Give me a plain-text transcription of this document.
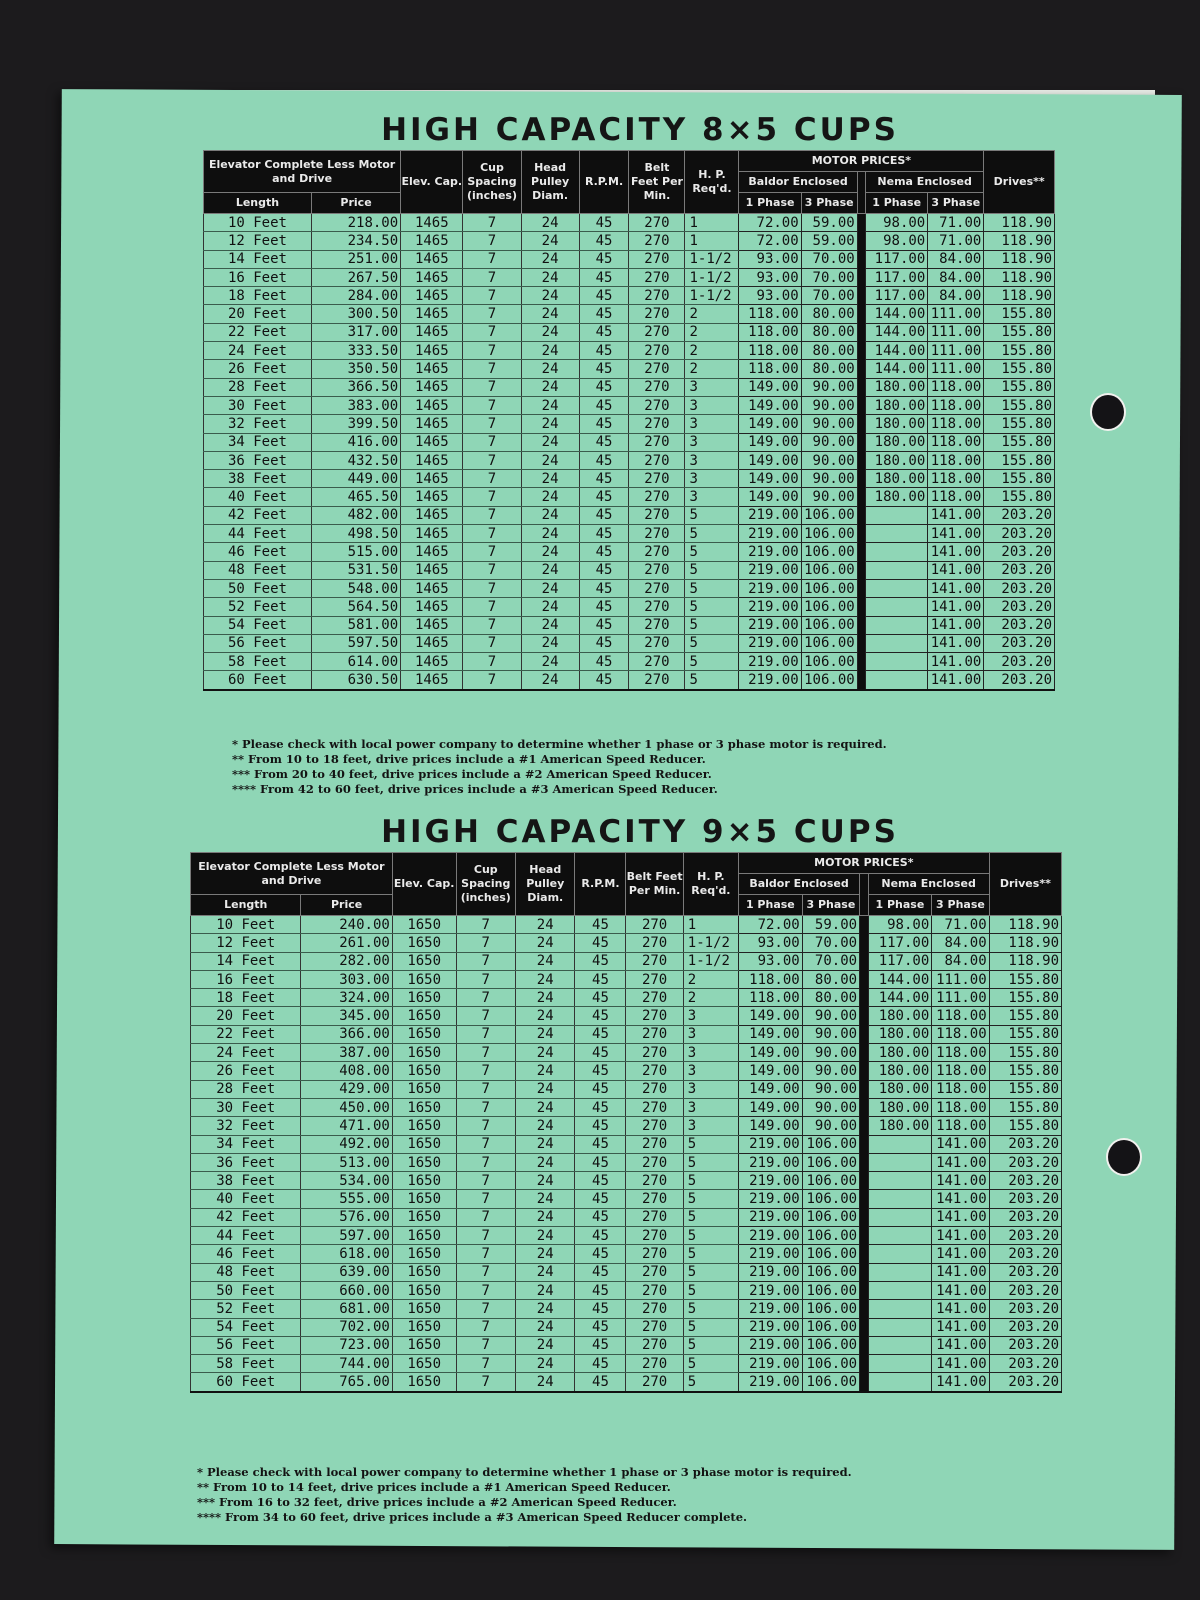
HIGH CAPACITY 8×5 CUPS
Elevator Complete Less Motor and Drive		Elev. Cap.	Cup Spacing (inches)	Head Pulley Diam.	R.P.M.	Belt Feet Per Min.	H. P. Req'd.	MOTOR PRICES*					Drives**
								Baldor Enclosed			Nema Enclosed		
Length	Price							1 Phase	3 Phase		1 Phase	3 Phase	
10 Feet	218.00	1465	7	24	45	270	1	72.00	59.00		98.00	71.00	118.90
12 Feet	234.50	1465	7	24	45	270	1	72.00	59.00		98.00	71.00	118.90
14 Feet	251.00	1465	7	24	45	270	1-1/2	93.00	70.00		117.00	84.00	118.90
16 Feet	267.50	1465	7	24	45	270	1-1/2	93.00	70.00		117.00	84.00	118.90
18 Feet	284.00	1465	7	24	45	270	1-1/2	93.00	70.00		117.00	84.00	118.90
20 Feet	300.50	1465	7	24	45	270	2	118.00	80.00		144.00	111.00	155.80
22 Feet	317.00	1465	7	24	45	270	2	118.00	80.00		144.00	111.00	155.80
24 Feet	333.50	1465	7	24	45	270	2	118.00	80.00		144.00	111.00	155.80
26 Feet	350.50	1465	7	24	45	270	2	118.00	80.00		144.00	111.00	155.80
28 Feet	366.50	1465	7	24	45	270	3	149.00	90.00		180.00	118.00	155.80
30 Feet	383.00	1465	7	24	45	270	3	149.00	90.00		180.00	118.00	155.80
32 Feet	399.50	1465	7	24	45	270	3	149.00	90.00		180.00	118.00	155.80
34 Feet	416.00	1465	7	24	45	270	3	149.00	90.00		180.00	118.00	155.80
36 Feet	432.50	1465	7	24	45	270	3	149.00	90.00		180.00	118.00	155.80
38 Feet	449.00	1465	7	24	45	270	3	149.00	90.00		180.00	118.00	155.80
40 Feet	465.50	1465	7	24	45	270	3	149.00	90.00		180.00	118.00	155.80
42 Feet	482.00	1465	7	24	45	270	5	219.00	106.00			141.00	203.20
44 Feet	498.50	1465	7	24	45	270	5	219.00	106.00			141.00	203.20
46 Feet	515.00	1465	7	24	45	270	5	219.00	106.00			141.00	203.20
48 Feet	531.50	1465	7	24	45	270	5	219.00	106.00			141.00	203.20
50 Feet	548.00	1465	7	24	45	270	5	219.00	106.00			141.00	203.20
52 Feet	564.50	1465	7	24	45	270	5	219.00	106.00			141.00	203.20
54 Feet	581.00	1465	7	24	45	270	5	219.00	106.00			141.00	203.20
56 Feet	597.50	1465	7	24	45	270	5	219.00	106.00			141.00	203.20
58 Feet	614.00	1465	7	24	45	270	5	219.00	106.00			141.00	203.20
60 Feet	630.50	1465	7	24	45	270	5	219.00	106.00			141.00	203.20
* Please check with local power company to determine whether 1 phase or 3 phase motor is required.
** From 10 to 18 feet, drive prices include a #1 American Speed Reducer.
*** From 20 to 40 feet, drive prices include a #2 American Speed Reducer.
**** From 42 to 60 feet, drive prices include a #3 American Speed Reducer.
HIGH CAPACITY 9×5 CUPS
Elevator Complete Less Motor and Drive		Elev. Cap.	Cup Spacing (inches)	Head Pulley Diam.	R.P.M.	Belt Feet Per Min.	H. P. Req'd.	MOTOR PRICES*					Drives**
								Baldor Enclosed			Nema Enclosed		
Length	Price							1 Phase	3 Phase		1 Phase	3 Phase	
10 Feet	240.00	1650	7	24	45	270	1	72.00	59.00		98.00	71.00	118.90
12 Feet	261.00	1650	7	24	45	270	1-1/2	93.00	70.00		117.00	84.00	118.90
14 Feet	282.00	1650	7	24	45	270	1-1/2	93.00	70.00		117.00	84.00	118.90
16 Feet	303.00	1650	7	24	45	270	2	118.00	80.00		144.00	111.00	155.80
18 Feet	324.00	1650	7	24	45	270	2	118.00	80.00		144.00	111.00	155.80
20 Feet	345.00	1650	7	24	45	270	3	149.00	90.00		180.00	118.00	155.80
22 Feet	366.00	1650	7	24	45	270	3	149.00	90.00		180.00	118.00	155.80
24 Feet	387.00	1650	7	24	45	270	3	149.00	90.00		180.00	118.00	155.80
26 Feet	408.00	1650	7	24	45	270	3	149.00	90.00		180.00	118.00	155.80
28 Feet	429.00	1650	7	24	45	270	3	149.00	90.00		180.00	118.00	155.80
30 Feet	450.00	1650	7	24	45	270	3	149.00	90.00		180.00	118.00	155.80
32 Feet	471.00	1650	7	24	45	270	3	149.00	90.00		180.00	118.00	155.80
34 Feet	492.00	1650	7	24	45	270	5	219.00	106.00			141.00	203.20
36 Feet	513.00	1650	7	24	45	270	5	219.00	106.00			141.00	203.20
38 Feet	534.00	1650	7	24	45	270	5	219.00	106.00			141.00	203.20
40 Feet	555.00	1650	7	24	45	270	5	219.00	106.00			141.00	203.20
42 Feet	576.00	1650	7	24	45	270	5	219.00	106.00			141.00	203.20
44 Feet	597.00	1650	7	24	45	270	5	219.00	106.00			141.00	203.20
46 Feet	618.00	1650	7	24	45	270	5	219.00	106.00			141.00	203.20
48 Feet	639.00	1650	7	24	45	270	5	219.00	106.00			141.00	203.20
50 Feet	660.00	1650	7	24	45	270	5	219.00	106.00			141.00	203.20
52 Feet	681.00	1650	7	24	45	270	5	219.00	106.00			141.00	203.20
54 Feet	702.00	1650	7	24	45	270	5	219.00	106.00			141.00	203.20
56 Feet	723.00	1650	7	24	45	270	5	219.00	106.00			141.00	203.20
58 Feet	744.00	1650	7	24	45	270	5	219.00	106.00			141.00	203.20
60 Feet	765.00	1650	7	24	45	270	5	219.00	106.00			141.00	203.20
* Please check with local power company to determine whether 1 phase or 3 phase motor is required.
** From 10 to 14 feet, drive prices include a #1 American Speed Reducer.
*** From 16 to 32 feet, drive prices include a #2 American Speed Reducer.
**** From 34 to 60 feet, drive prices include a #3 American Speed Reducer complete.
